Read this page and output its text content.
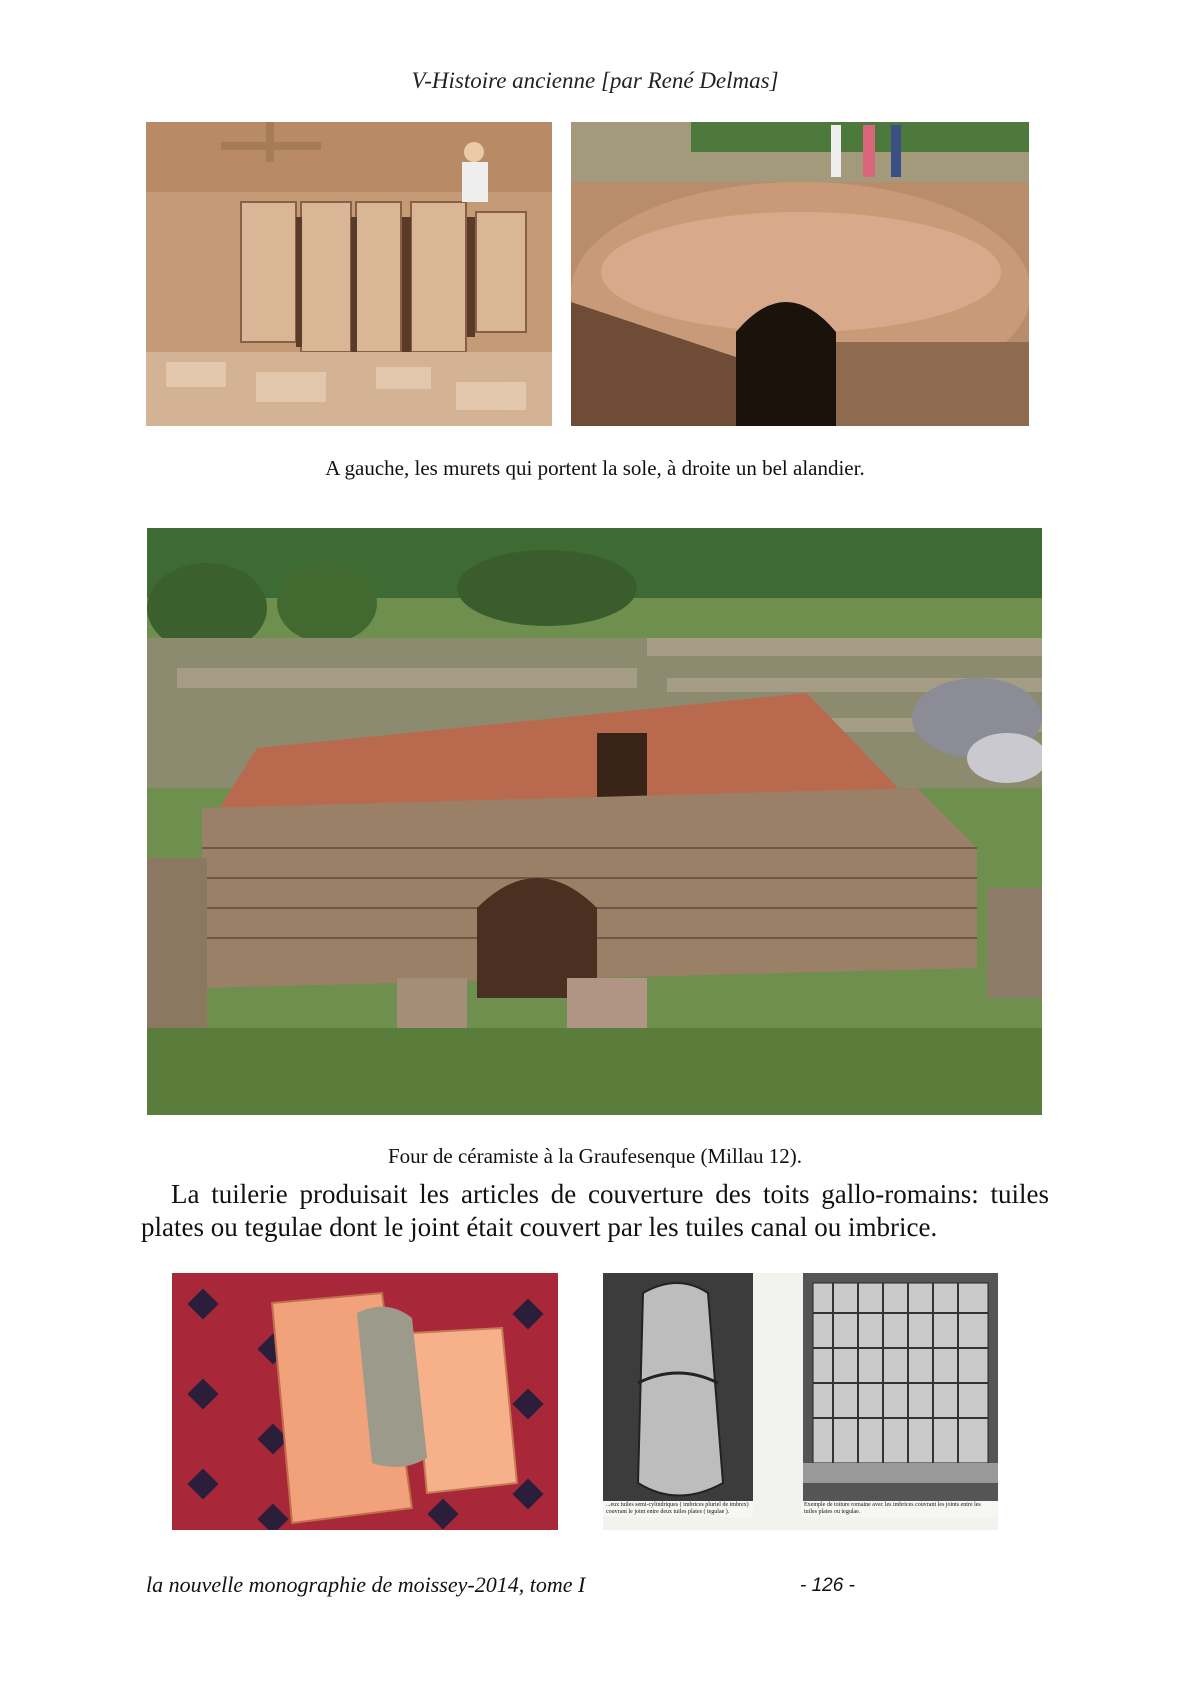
V-Histoire ancienne [par René Delmas]
A gauche, les murets qui portent la sole, à droite un bel alandier.
Four de céramiste à la Graufesenque (Millau 12).
La tuilerie produisait les articles de couverture des toits gallo-romains: tuiles plates ou tegulae dont le joint était couvert par les tuiles canal ou imbrice.
...eux tuiles semi-cylindriques ( imbrices pluriel de imbrex) couvrant le joint entre deux tuiles plates ( tegulae ).
Exemple de toiture romaine avec les imbrices couvrant les joints entre les tuiles plates ou tegulae.
la nouvelle monographie de moissey-2014, tome I	- 126 -
